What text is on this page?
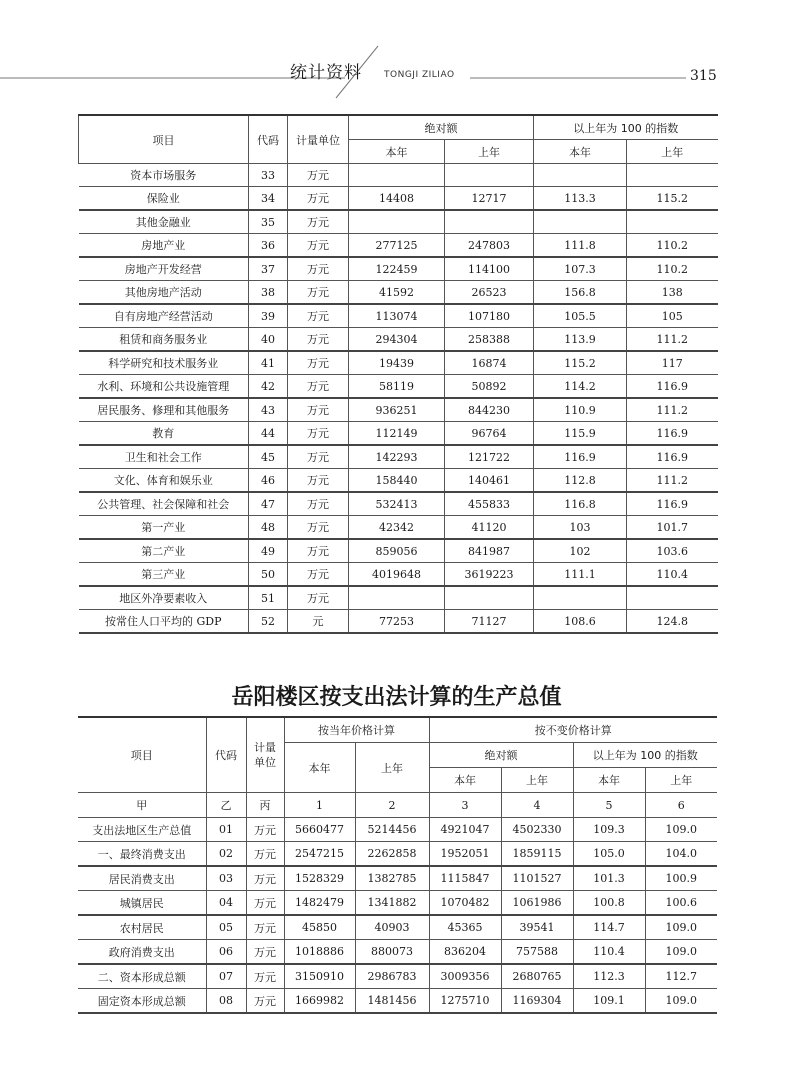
统计资料 TONGJI ZILIAO	315
项目	代码	计量单位	绝对额		以上年为 100 的指数	
			本年	上年	本年	上年
资本市场服务	33	万元				
保险业	34	万元	14408	12717	113.3	115.2
其他金融业	35	万元				
房地产业	36	万元	277125	247803	111.8	110.2
房地产开发经营	37	万元	122459	114100	107.3	110.2
其他房地产活动	38	万元	41592	26523	156.8	138
自有房地产经营活动	39	万元	113074	107180	105.5	105
租赁和商务服务业	40	万元	294304	258388	113.9	111.2
科学研究和技术服务业	41	万元	19439	16874	115.2	117
水利、环境和公共设施管理	42	万元	58119	50892	114.2	116.9
居民服务、修理和其他服务	43	万元	936251	844230	110.9	111.2
教育	44	万元	112149	96764	115.9	116.9
卫生和社会工作	45	万元	142293	121722	116.9	116.9
文化、体育和娱乐业	46	万元	158440	140461	112.8	111.2
公共管理、社会保障和社会	47	万元	532413	455833	116.8	116.9
第一产业	48	万元	42342	41120	103	101.7
第二产业	49	万元	859056	841987	102	103.6
第三产业	50	万元	4019648	3619223	111.1	110.4
地区外净要素收入	51	万元				
按常住人口平均的 GDP	52	元	77253	71127	108.6	124.8
岳阳楼区按支出法计算的生产总值
项目	代码	计量单位	按当年价格计算		按不变价格计算			
			本年	上年	绝对额		以上年为 100 的指数	
					本年	上年	本年	上年
甲	乙	丙	1	2	3	4	5	6
支出法地区生产总值	01	万元	5660477	5214456	4921047	4502330	109.3	109.0
一、最终消费支出	02	万元	2547215	2262858	1952051	1859115	105.0	104.0
居民消费支出	03	万元	1528329	1382785	1115847	1101527	101.3	100.9
城镇居民	04	万元	1482479	1341882	1070482	1061986	100.8	100.6
农村居民	05	万元	45850	40903	45365	39541	114.7	109.0
政府消费支出	06	万元	1018886	880073	836204	757588	110.4	109.0
二、资本形成总额	07	万元	3150910	2986783	3009356	2680765	112.3	112.7
固定资本形成总额	08	万元	1669982	1481456	1275710	1169304	109.1	109.0
